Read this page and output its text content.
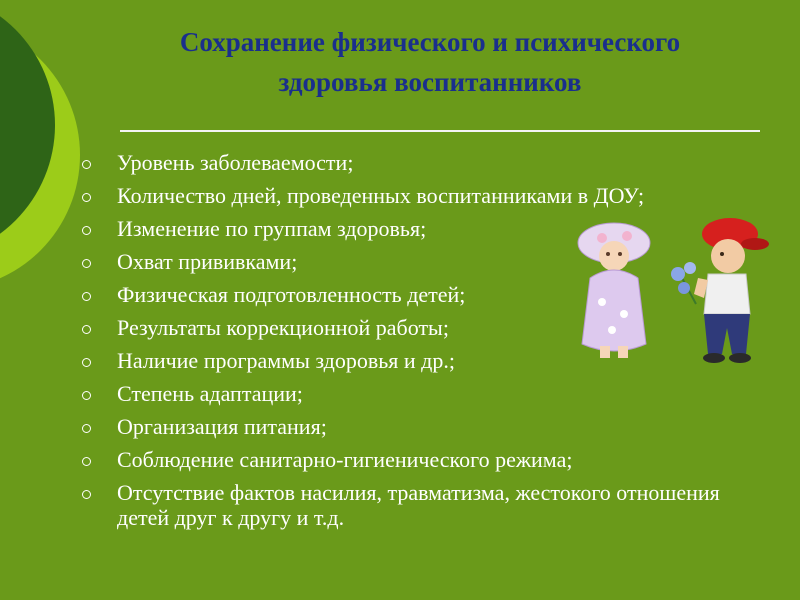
Сохранение физического и психического
здоровья воспитанников
Уровень заболеваемости;
Количество дней, проведенных воспитанниками в ДОУ;
Изменение по группам здоровья;
Охват прививками;
Физическая подготовленность детей;
Результаты коррекционной работы;
Наличие программы здоровья и др.;
Степень адаптации;
Организация питания;
Соблюдение санитарно-гигиенического режима;
Отсутствие фактов насилия, травматизма, жестокого отношения детей друг к другу и т.д.
